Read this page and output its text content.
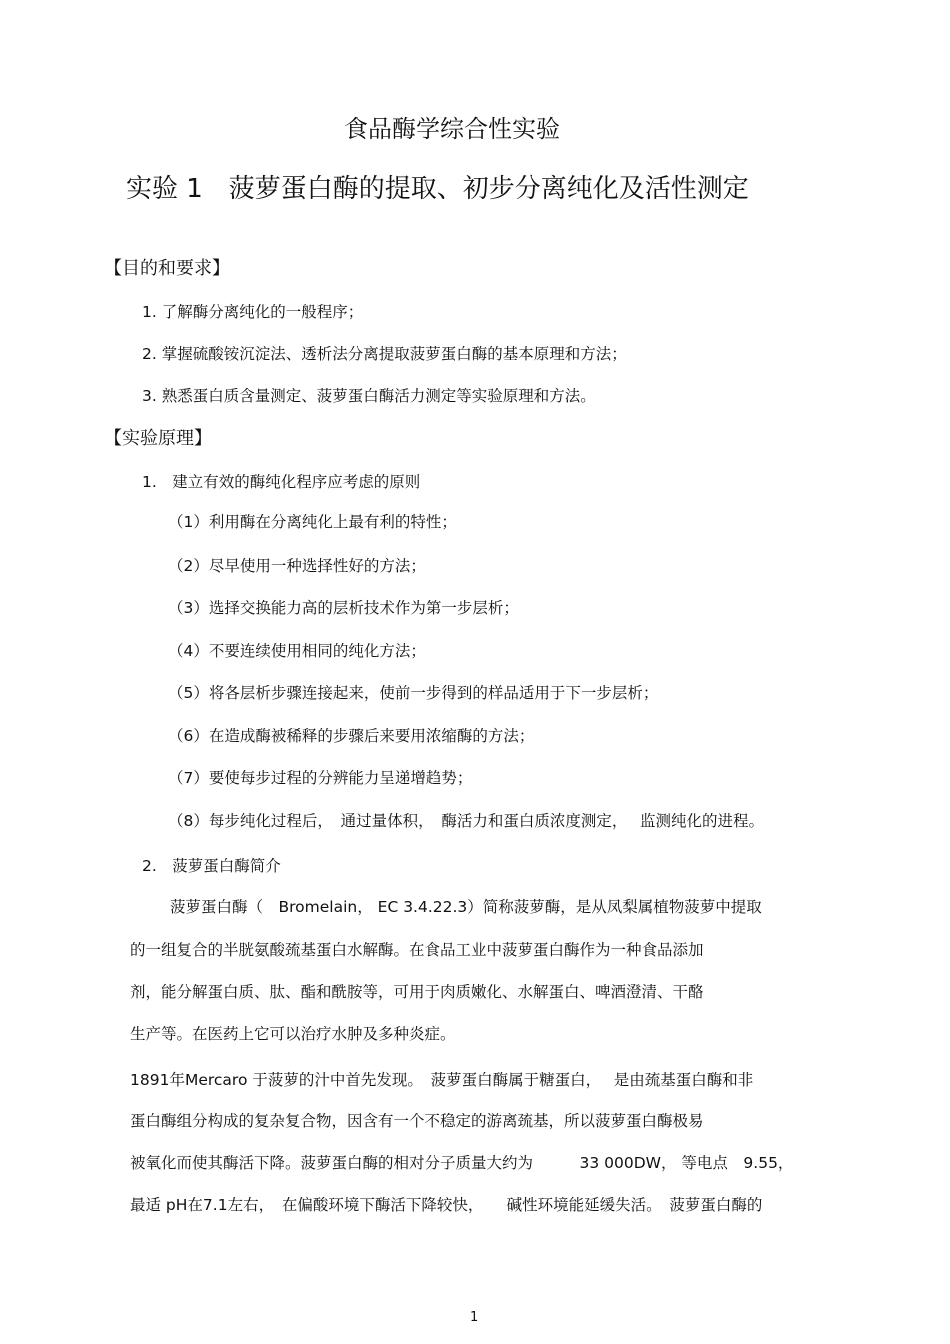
食品酶学综合性实验
实验 1　菠萝蛋白酶的提取、初步分离纯化及活性测定
【目的和要求】
1. 了解酶分离纯化的一般程序；
2. 掌握硫酸铵沉淀法、透析法分离提取菠萝蛋白酶的基本原理和方法；
3. 熟悉蛋白质含量测定、菠萝蛋白酶活力测定等实验原理和方法。
【实验原理】
1.　建立有效的酶纯化程序应考虑的原则
（1）利用酶在分离纯化上最有利的特性；
（2）尽早使用一种选择性好的方法；
（3）选择交换能力高的层析技术作为第一步层析；
（4）不要连续使用相同的纯化方法；
（5）将各层析步骤连接起来，使前一步得到的样品适用于下一步层析；
（6）在造成酶被稀释的步骤后来要用浓缩酶的方法；
（7）要使每步过程的分辨能力呈递增趋势；
（8）每步纯化过程后，　通过量体积，　酶活力和蛋白质浓度测定，　 监测纯化的进程。
2.　菠萝蛋白酶简介
菠萝蛋白酶（　Bromelain， EC 3.4.22.3）简称菠萝酶，是从凤梨属植物菠萝中提取
的一组复合的半胱氨酸巯基蛋白水解酶。在食品工业中菠萝蛋白酶作为一种食品添加
剂，能分解蛋白质、肽、酯和酰胺等，可用于肉质嫩化、水解蛋白、啤酒澄清、干酪
生产等。在医药上它可以治疗水肿及多种炎症。
1891年Mercaro 于菠萝的汁中首先发现。　菠萝蛋白酶属于糖蛋白，　 是由巯基蛋白酶和非
蛋白酶组分构成的复杂复合物，因含有一个不稳定的游离巯基，所以菠萝蛋白酶极易
被氧化而使其酶活下降。菠萝蛋白酶的相对分子质量大约为　　　33 000DW， 等电点　9.55，
最适 pH在7.1左右，　在偏酸环境下酶活下降较快，　　碱性环境能延缓失活。　菠萝蛋白酶的
1
